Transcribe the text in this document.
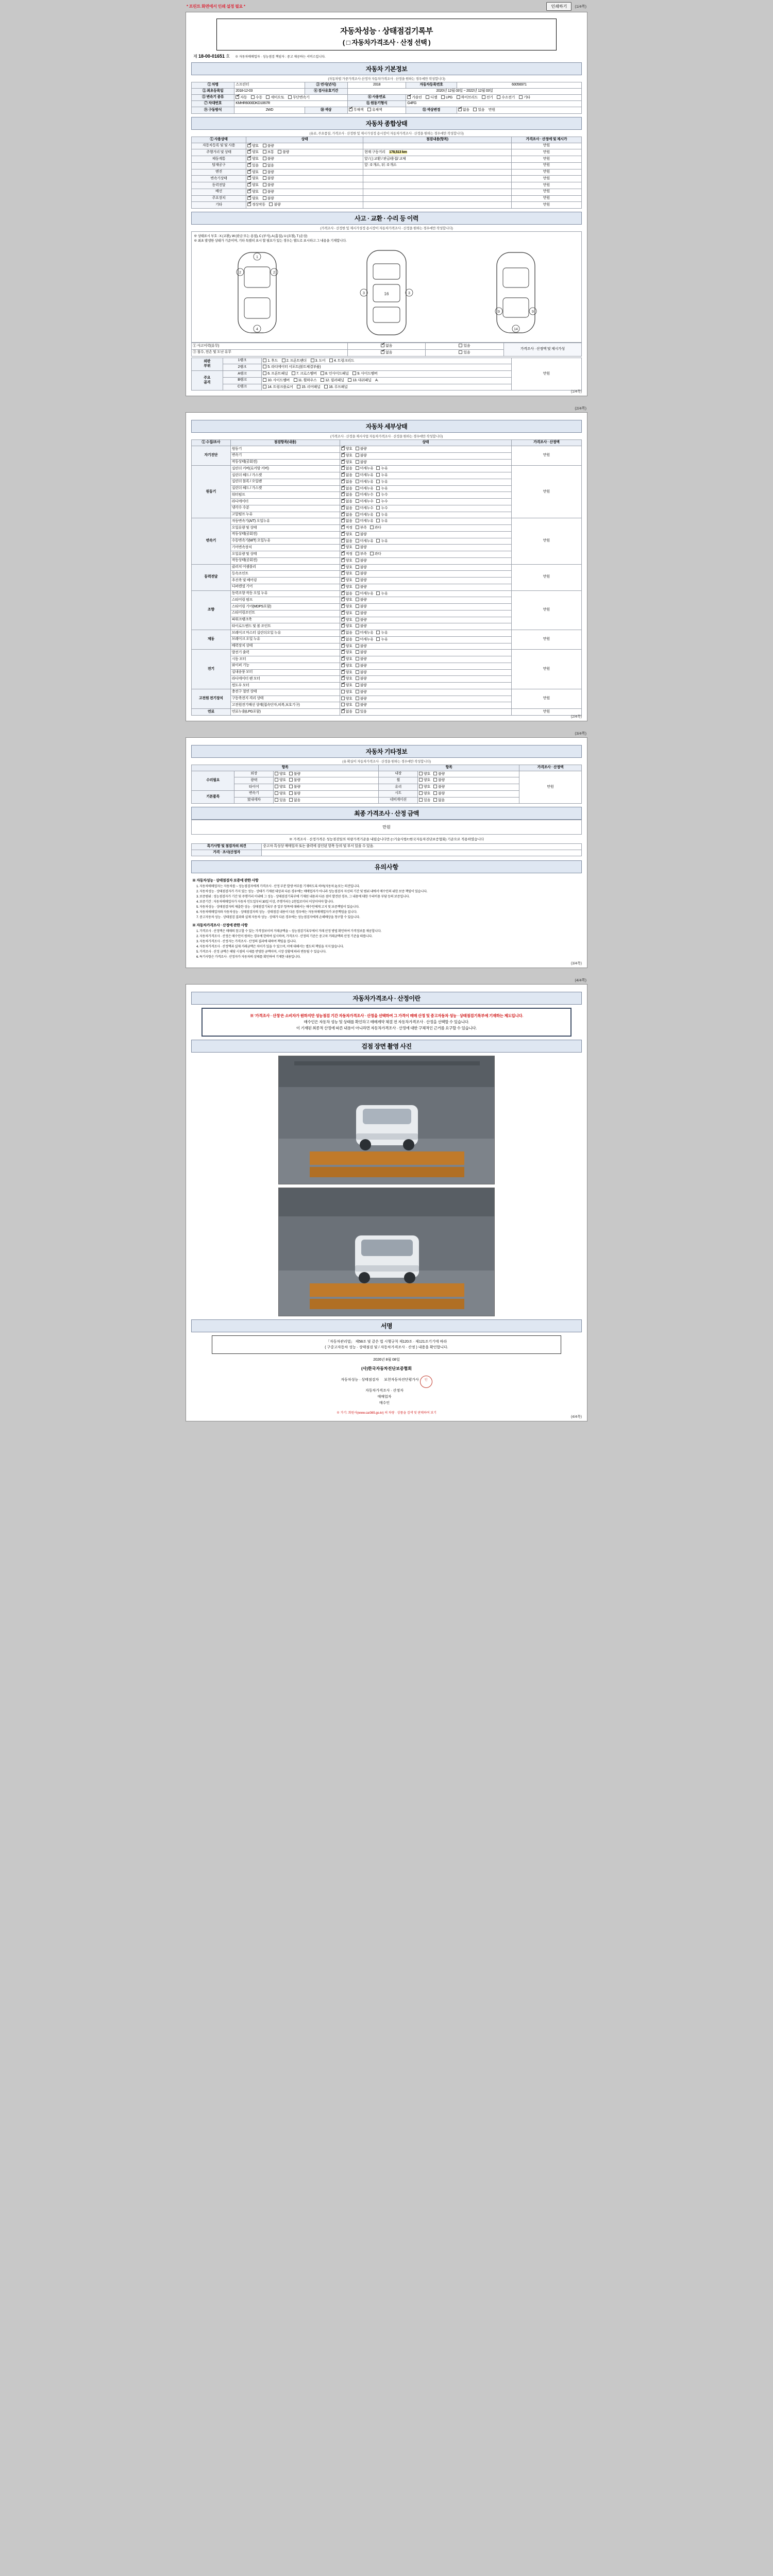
* 프린트 화면에서 인쇄 설정 필요 *	인쇄하기	(1/4쪽)
자동차성능 · 상태점검기록부
( □ 자동차가격조사 · 산정 선택 )
제 18-00-01651 호 ※ 자동차매매업자 · 성능점검 책임자 : 중고 제공하는 서비스입니다.
자동차 기본정보
(자동차법 가중가격조사·산정자 자동차가격조사 · 산정을 원하는 경우에만 작성합니다)
① 차명	스프린터	③ 연식(년식)	2018	자동차등록번호	60056971
② 최초등록일	2018-12-03	④ 검사유효기간	2020년 12월 03일 ~ 2022년 12월 03일		
⑤ 변속기 종류	✔자동 수동 세미오토 무단변속기		⑥ 사용연료	✔가솔린 디젤 LPG 하이브리드 전기 수소전기 기타
⑦ 차대번호	KMHR6000DKD1067R		⑧ 원동기형식	G4FG	
⑨ 구동방식	2WD	⑩ 색상	✔무채색 유채색	⑪ 색상변경	✔없음 있음 만원
자동차 종합상태
(유료, 주요품질, 가격조사 · 산정한 및 제시가성정 용시장이 자동차가격조사 · 산정을 원하는 경우에만 작성합니다)
① 사용상태	상태	점검내용(항목)	가격조사 · 산정에 및 제시가
자동차등록 및 및 사용	✔양호 불량		만원
주행거리 및 상태	✔양호 보통 불량	현재 구동거리 178,513 km	만원
제동계통	✔양호 불량	앞 / ( ) 교환 / 판금/용접/ 교체	만원
탑재공구	✔있음 없음	앞 : 0 개소, 뒤 : 0 개소	만원
엔진	✔양호 불량		만원
변속기상태	✔양호 불량		만원
동력전달	✔양호 불량		만원
배선	✔양호 불량		만원
주요장치	✔양호 불량		만원
기타	✔정상작동 불량		만원
사고 · 교환 · 수리 등 이력
(가격조사 · 산정한 및 제시가성정 용시장이 자동차가격조사 · 산정을 원하는 경우에만 작성합니다)
※ 상태표시 부호 : X (교환), W (판금 또는 용접), C (부식), A (흠집), U (요철), T (손상)
※ 최초 발생한 상태가 기준이며, 기타 특별히 표시 할 필요가 있는 경우는 별도로 표시하고 그 내용을 기재합니다.
2	2
1
4
16
3	3
9	9
14
① 사고이력(유무)	✔없음	있음	가격조사 · 산정액 및 제시가성
③ 침수, 전손 및 도난 유무	✔없음	있음	
외판
부위	1랭크	1. 후드 2. 프론트팬더 3. 도어 4. 트렁크리드	만원
	2랭크	5. 라디에이터 서포트(볼트체결부품)	
주요
골격	A랭크	6. 프론트패널 7. 크로스멤버 8. 인사이드패널 9. 사이드멤버	
	B랭크	10. 사이드멤버 11. 휠하우스 12. 필러패널 13. 대쉬패널 A.	
	C랭크	14. 트렁크플로어 15. 리어패널 16. 루프패널	
(1/4쪽)
(2/4쪽)
자동차 세부상태
(가격조사 · 산정을 제시사업 자동차가격조사 · 산정을 원하는 경우에만 작성합니다)
① 수집/조사	점검항목(내용)	상태	가격조사 · 산정액
자기진단	원동기	✔양호 불량	만원
	변속기	✔양호 불량
	작동상태(공회전)	✔양호 불량
원동기	실린더 커버(로커암 커버)	✔없음 미세누유 누유	만원
	실린더 헤드 / 가스켓	✔없음 미세누유 누유
	실린더 블록 / 오일팬	✔없음 미세누유 누유
	실린더 헤드 / 가스켓	✔없음 미세누유 누유
	워터펌프	✔없음 미세누수 누수
	라디에이터	✔없음 미세누수 누수
	냉각수 수분	✔없음 미세누수 누수
	고압펌프 누유	✔없음 미세누유 누유
변속기	자동변속기(A/T) 오일누유	✔없음 미세누유 누유	만원
	오일유량 및 상태	✔적정 부족 과다
	작동상태(공회전)	✔양호 불량
	수동변속기(M/T) 오일누유	✔없음 미세누유 누유
	기어변속장치	✔양호 불량
	오일유량 및 상태	✔적정 부족 과다
	작동상태(공회전)	✔양호 불량
동력전달	클러치 어셈블리	✔양호 불량	만원
	등속조인트	✔양호 불량
	추진축 및 베어링	✔양호 불량
	디퍼렌셜 기어	✔양호 불량
조향	동력조향 작동 오일 누유	✔없음 미세누유 누유	만원
	스티어링 펌프	✔양호 불량
	스티어링 기어(MDPS포함)	✔양호 불량
	스티어링조인트	✔양호 불량
	파워크랭크축	✔양호 불량
	타이로드엔드 및 볼 조인트	✔양호 불량
제동	브레이크 마스터 실린더오일 누유	✔없음 미세누유 누유	만원
	브레이크 오일 누유	✔없음 미세누유 누유
	배력장치 상태	✔양호 불량
전기	발전기 출력	✔양호 불량	만원
	시동 모터	✔양호 불량
	와이퍼 기능	✔양호 불량
	실내송풍 모터	✔양호 불량
	라디에이터 팬 모터	✔양호 불량
	윈도우 모터	✔양호 불량
고전원 전기장치	충전구 절연 상태	양호 불량	만원
	구동축전지 격리 상태	양호 불량	
	고전원전기배선 상태(접속단자,피복,보호기구)	양호 불량	
연료	연료누출(LPG포함)	✔없음 있음	만원
(2/4쪽)
(3/4쪽)
자동차 기타정보
(유 확실이 자동차가격조사 · 산정을 원하는 경우에만 작성합니다)
항목			항목		가격조사 · 산정액
수리필요	외장	양호 불량	내장	양호 불량	만원
	광택	양호 불량	휠	양호 불량	
	타이어	양호 불량	유리	양호 불량	
기본품목	변속기	양호 불량	시트	양호 불량	
	室내세차	있음 없음	네비게이션	있음 없음	
최종 가격조사 · 산정 금액
만원
※ 가격조사 · 산정가격은 성능점검일의 차량가격기준을 내렸습니다만 (□기술사항/□한국자동차진단보증협회) 기준으로 적용하였습니다
특기사항 및 점검자의 의견	중고차 특성상 매매업자 또는 출력에 검인된 항목 등의 및 부서 있을 수 있음.
가격 · 조사(산정자	
유의사항
※ 자동차성능 · 상태점검자 보증에 관한 사항
1. 자동차매매업자는 자동차를 ~ 성능점검자에게 가격조사 · 산정 부분 발생 여부를 기재하도록 하며(자동차 2) 또는 의견입니다.
2. 자동차성능 · 상태점검자가 가지 있는 성능 · 상태가 기재된 대상과 다른 경우에는 매매업자가 아니라 성능점검자 자신의 기간 및 범위 내에서 매수인의 위한 보증 책임이 있습니다.
3. 보증범위 : 성능점검자가 기간 및 주행거리 이내에 그 성능 · 상태점검기록부에 기재된 내용과 다른 점이 발견된 경우, 그 내용에 대한 수리비용 부담 등의 보증입니다.
4. 보증기간 : 자동차매매업자가 자동차 인도일부터 30일 이상, 주행거리는 2천킬로미터 이상이어야 합니다.
5. 자동차성능 · 상태점검자의 제출한 성능 · 상태점검기록부 중 일부 항목에 대해서는 매수인에게 고지 및 보증책임이 있습니다.
6. 자동차매매업자와 자동차성능 · 상태점검자의 성능 · 상태점검 내용이 다른 경우에는 자동차매매업자가 보증책임을 집니다.
7. 중고자동차 성능 · 상태점검 결과와 실제 자동차 성능 · 상태가 다른 경우에는 성능점검자에게 손해배상을 청구할 수 있습니다.
※ 자동차가격조사 · 산정에 관한 사항
1. 가격조사 · 산정액은 매매의 참고할 수 있는 가격정보이며 거래금액을 ~ 성능점검기록부에서 거래 산정 방법 확인하여 가격정보를 제공합니다.
2. 자동차가격조사 · 산정은 매수인이 원하는 경우에 한하여 실시하며, 가격조사 · 산정의 기준은 중고차 거래금액의 산정 기준을 따릅니다.
3. 자동차가격조사 · 산정자는 가격조사 · 산정의 결과에 대하여 책임을 집니다.
4. 자동차가격조사 · 산정액과 실제 거래금액은 차이가 있을 수 있으며, 이에 대해서는 별도의 책임을 지지 않습니다.
5. 가격조사 · 산정 금액은 해당 시점의 시세를 반영한 금액이며, 시장 상황에 따라 변동될 수 있습니다.
6. 특기사항은 가격조사 · 산정자가 자동차의 상태를 확인하여 기재한 내용입니다.
(3/4쪽)
(4/4쪽)
자동차가격조사 · 산정이란
※ '가격조사 · 산정'은 소비자가 원하지만 성능점검 기간 자동차가격조사 · 산정을 선택하여 그 가격이 매매 산정 및 중고자동차 성능 · 상태점검기록부에 기재하는 제도입니다.
매수인은 자동차 성능 및 상태를 확인하고 매매계약 체결 전 자동차가격조사 · 산정을 선택할 수 있습니다.
이 기재된 최종적 산정에 따른 내용이 아니라면 자동차가격조사 · 산정에 대한 구체적인 근거를 요구할 수 있습니다.
검점 장면 촬영 사진
서명
「자동차관리법」 제58조 및 같은 법 시행규칙 제120조 · 제121조기기에 따라
( 구중고자동차 성능 · 상태점검 및 / 자동차가격조사 · 산정 ) 내용을 확인합니다.
2026년 8월 08일
(사)한국자동차진단보증협회
자동차성능 · 상태점검자 보천자동차진단평가사 인
자동차가격조사 · 산정자
매매업자
매수인
※ 가기: 회원사(www.car365.go.kr) 의 차량 · 상품을 검색 및 판매하여 보기
(4/4쪽)
